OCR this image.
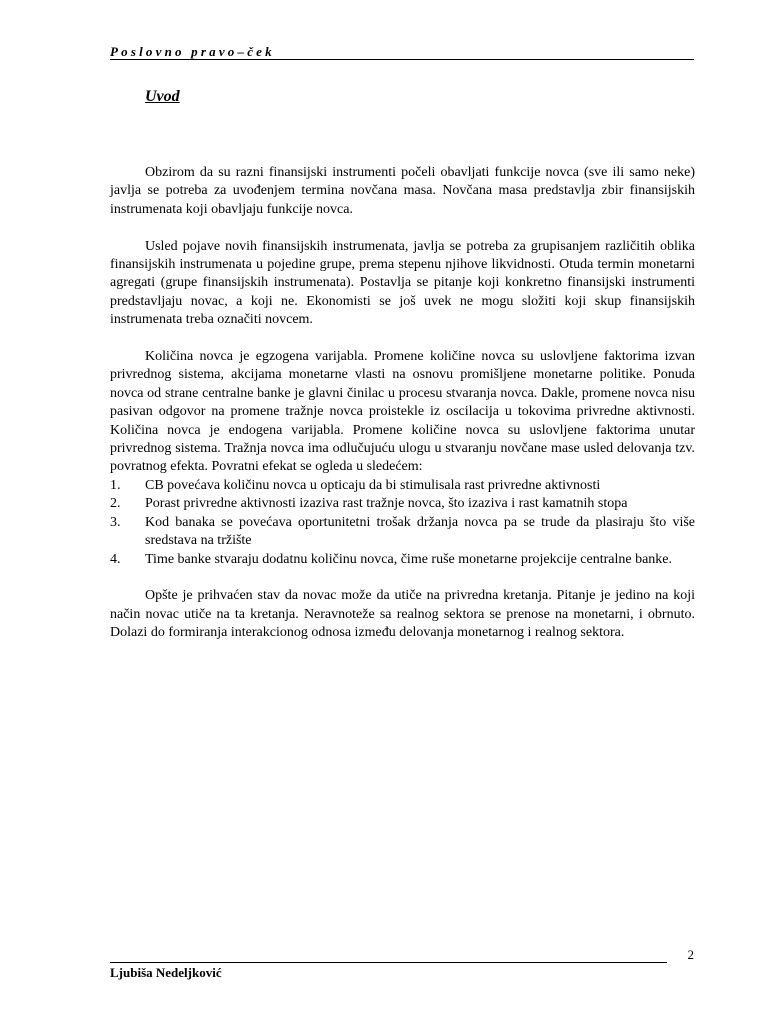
Poslovno pravo–ček
Uvod

Obzirom da su razni finansijski instrumenti počeli obavljati funkcije novca (sve ili samo neke) javlja se potreba za uvođenjem termina novčana masa. Novčana masa predstavlja zbir finansijskih instrumenata koji obavljaju funkcije novca.

Usled pojave novih finansijskih instrumenata, javlja se potreba za grupisanjem različitih oblika finansijskih instrumenata u pojedine grupe, prema stepenu njihove likvidnosti. Otuda termin monetarni agregati (grupe finansijskih instrumenata). Postavlja se pitanje koji konkretno finansijski instrumenti predstavljaju novac, a koji ne. Ekonomisti se još uvek ne mogu složiti koji skup finansijskih instrumenata treba označiti novcem.

Količina novca je egzogena varijabla. Promene količine novca su uslovljene faktorima izvan privrednog sistema, akcijama monetarne vlasti na osnovu promišljene monetarne politike. Ponuda novca od strane centralne banke je glavni činilac u procesu stvaranja novca. Dakle, promene novca nisu pasivan odgovor na promene tražnje novca proistekle iz oscilacija u tokovima privredne aktivnosti. Količina novca je endogena varijabla. Promene količine novca su uslovljene faktorima unutar privrednog sistema. Tražnja novca ima odlučujuću ulogu u stvaranju novčane mase usled delovanja tzv. povratnog efekta. Povratni efekat se ogleda u sledećem:

1. CB povećava količinu novca u opticaju da bi stimulisala rast privredne aktivnosti
2. Porast privredne aktivnosti izaziva rast tražnje novca, što izaziva i rast kamatnih stopa
3. Kod banaka se povećava oportunitetni trošak držanja novca pa se trude da plasiraju što više sredstava na tržište
4. Time banke stvaraju dodatnu količinu novca, čime ruše monetarne projekcije centralne banke.

Opšte je prihvaćen stav da novac može da utiče na privredna kretanja. Pitanje je jedino na koji način novac utiče na ta kretanja. Neravnoteže sa realnog sektora se prenose na monetarni, i obrnuto. Dolazi do formiranja interakcionog odnosa između delovanja monetarnog i realnog sektora.

2
Ljubiša Nedeljković
